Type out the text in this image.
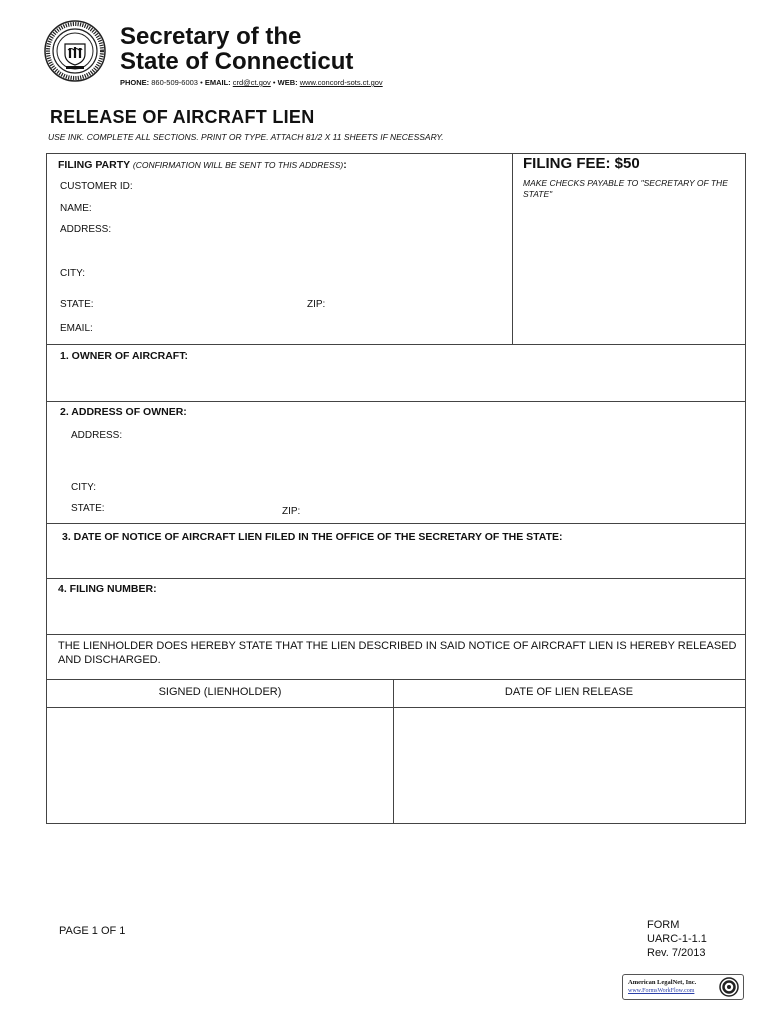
Secretary of the
State of Connecticut
PHONE: 860-509-6003 • EMAIL: crd@ct.gov • WEB: www.concord-sots.ct.gov
RELEASE OF AIRCRAFT LIEN
USE INK. COMPLETE ALL SECTIONS. PRINT OR TYPE. ATTACH 81/2 X 11 SHEETS IF NECESSARY.
FILING PARTY (CONFIRMATION WILL BE SENT TO THIS ADDRESS):
CUSTOMER ID:
NAME:
ADDRESS:
CITY:
STATE:	ZIP:
EMAIL:
FILING FEE: $50
MAKE CHECKS PAYABLE TO "SECRETARY OF THE STATE"
1. OWNER OF AIRCRAFT:
2. ADDRESS OF OWNER:
ADDRESS:
CITY:
STATE:	ZIP:
3. DATE OF NOTICE OF AIRCRAFT LIEN FILED IN THE OFFICE OF THE SECRETARY OF THE STATE:
4. FILING NUMBER:
THE LIENHOLDER DOES HEREBY STATE THAT THE LIEN DESCRIBED IN SAID NOTICE OF AIRCRAFT LIEN IS HEREBY RELEASED AND DISCHARGED.
SIGNED (LIENHOLDER)	DATE OF LIEN RELEASE
PAGE 1 OF 1	FORM
UARC-1-1.1
Rev. 7/2013
American LegalNet, Inc.
www.FormsWorkFlow.com
